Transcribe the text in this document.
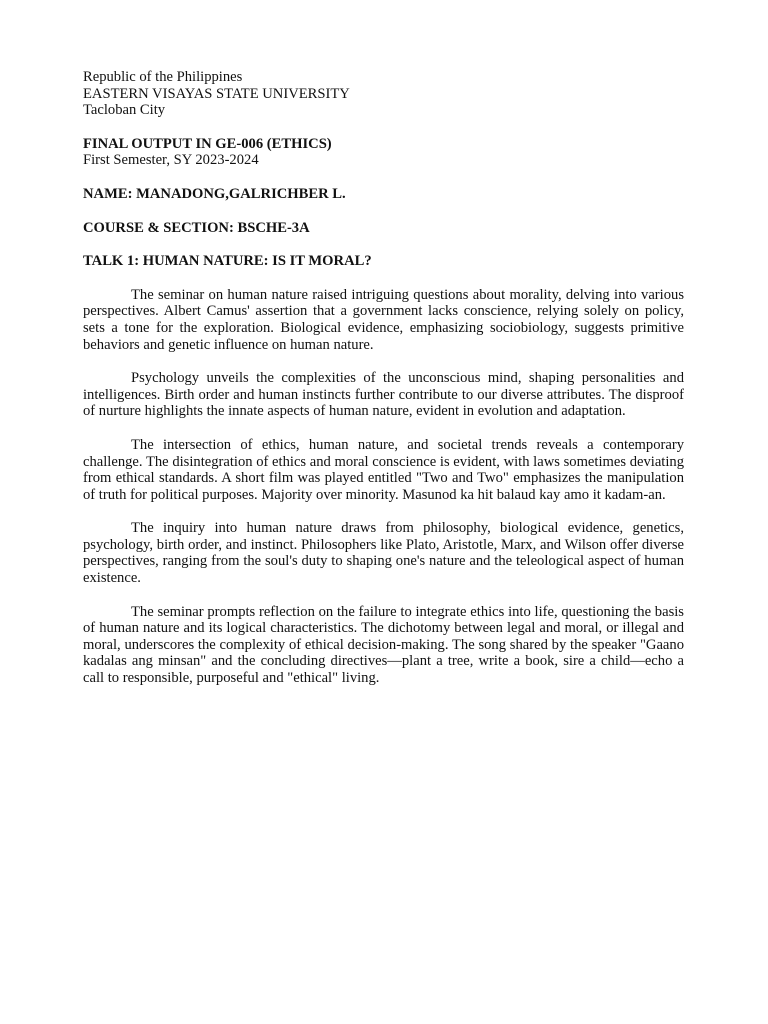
Republic of the Philippines
EASTERN VISAYAS STATE UNIVERSITY
Tacloban City
FINAL OUTPUT IN GE-006 (ETHICS)
First Semester, SY 2023-2024
NAME: MANADONG,GALRICHBER L.
COURSE & SECTION: BSCHE-3A
TALK 1: HUMAN NATURE: IS IT MORAL?

The seminar on human nature raised intriguing questions about morality, delving into various perspectives. Albert Camus' assertion that a government lacks conscience, relying solely on policy, sets a tone for the exploration. Biological evidence, emphasizing sociobiology, suggests primitive behaviors and genetic influence on human nature.

Psychology unveils the complexities of the unconscious mind, shaping personalities and intelligences. Birth order and human instincts further contribute to our diverse attributes. The disproof of nurture highlights the innate aspects of human nature, evident in evolution and adaptation.

The intersection of ethics, human nature, and societal trends reveals a contemporary challenge. The disintegration of ethics and moral conscience is evident, with laws sometimes deviating from ethical standards. A short film was played entitled "Two and Two" emphasizes the manipulation of truth for political purposes. Majority over minority. Masunod ka hit balaud kay amo it kadam-an.

The inquiry into human nature draws from philosophy, biological evidence, genetics, psychology, birth order, and instinct. Philosophers like Plato, Aristotle, Marx, and Wilson offer diverse perspectives, ranging from the soul's duty to shaping one's nature and the teleological aspect of human existence.

The seminar prompts reflection on the failure to integrate ethics into life, questioning the basis of human nature and its logical characteristics. The dichotomy between legal and moral, or illegal and moral, underscores the complexity of ethical decision-making. The song shared by the speaker "Gaano kadalas ang minsan" and the concluding directives—plant a tree, write a book, sire a child—echo a call to responsible, purposeful and "ethical" living.
